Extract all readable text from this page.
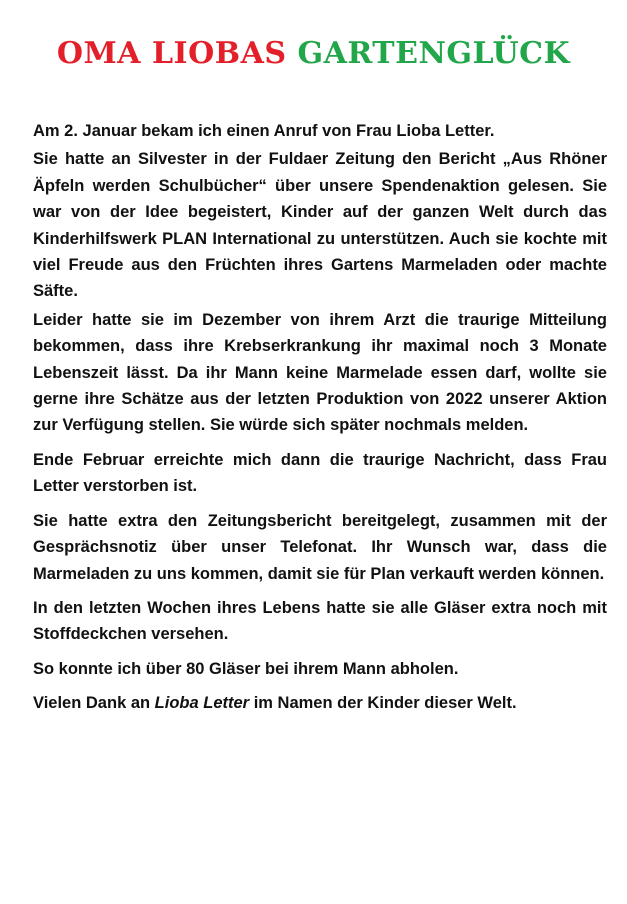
OMA LIOBAS GARTENGLÜCK

Am 2. Januar bekam ich einen Anruf von Frau Lioba Letter.

Sie hatte an Silvester in der Fuldaer Zeitung den Bericht „Aus Rhöner Äpfeln werden Schulbücher“ über unsere Spendenaktion gelesen. Sie war von der Idee begeistert, Kinder auf der ganzen Welt durch das Kinderhilfswerk PLAN International zu unterstützen. Auch sie kochte mit viel Freude aus den Früchten ihres Gartens Marmeladen oder machte Säfte.

Leider hatte sie im Dezember von ihrem Arzt die traurige Mitteilung bekommen, dass ihre Krebserkrankung ihr maximal noch 3 Monate Lebenszeit lässt. Da ihr Mann keine Marmelade essen darf, wollte sie gerne ihre Schätze aus der letzten Produktion von 2022 unserer Aktion zur Verfügung stellen. Sie würde sich später nochmals melden.

Ende Februar erreichte mich dann die traurige Nachricht, dass Frau Letter verstorben ist.

Sie hatte extra den Zeitungsbericht bereitgelegt, zusammen mit der Gesprächsnotiz über unser Telefonat. Ihr Wunsch war, dass die Marmeladen zu uns kommen, damit sie für Plan verkauft werden können.

In den letzten Wochen ihres Lebens hatte sie alle Gläser extra noch mit Stoffdeckchen versehen.

So konnte ich über 80 Gläser bei ihrem Mann abholen.

Vielen Dank an Lioba Letter im Namen der Kinder dieser Welt.
